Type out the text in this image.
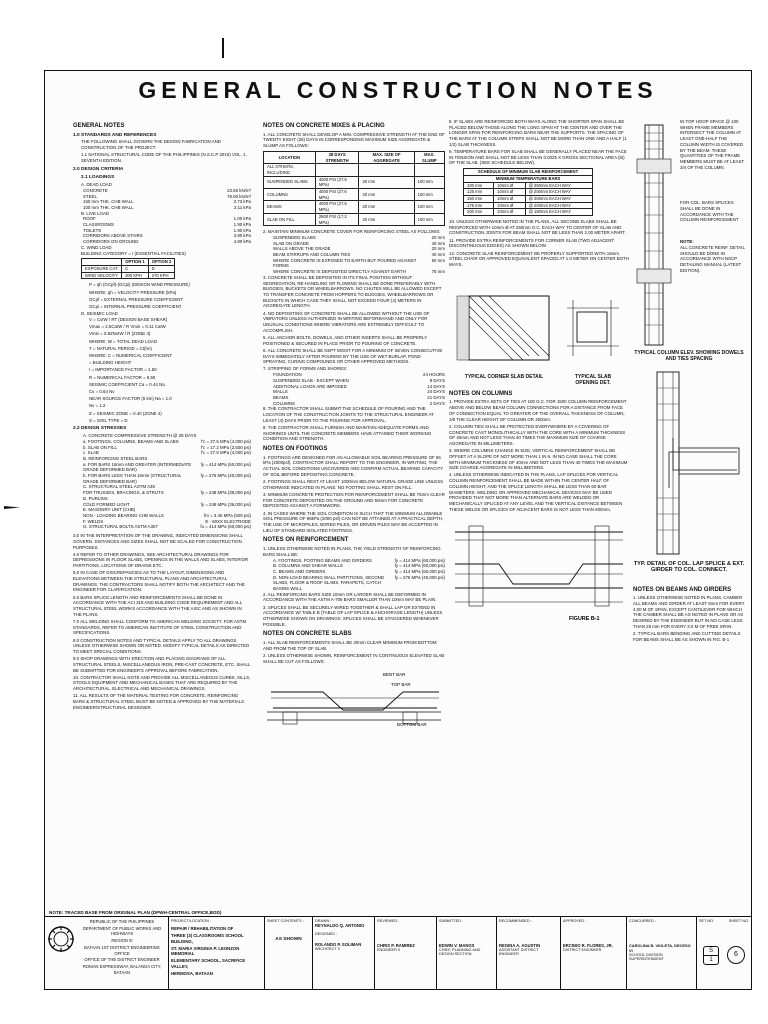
GENERAL CONSTRUCTION NOTES
GENERAL NOTES
1.0 STANDARDS AND REFERENCES
THE FOLLOWING SHALL GOVERN THE DESIGN FABRICATION AND CONSTRUCTION OF THE PROJECT:
1.1 NATIONAL STRUCTURAL CODE OF THE PHILIPPINES (N.S.C.P 2015) VOL. 1, SEVENTH EDITION.
2.0 DESIGN CRITERIA
2.1 LOADINGS
A. DEAD LOAD
CONCRETE	23.56 kN/m³
STEEL	78.00 kN/m³
150 mm THK. CHB WALL	2.73 kPa
100 mm THK. CHB WALL	2.11 kPa
B. LIVE LOAD
ROOF	1.00 kPa
CLASSROOMS	1.90 kPa
TOILETS	1.90 kPa
CORRIDORS ABOVE STAIRS	3.80 kPa
CORRIDORS ON GROUND	4.80 kPa
C. WIND LOAD
BUILDING CATEGORY = I (ESSENTIAL FACILITIES)
	OPTION 1	OPTION 2
EXPOSURE CAT.	C	D
WIND VELOCITY	200 KPH	270 KPH
P = qh (GCpf)-(GCpi) (DESIGN WIND PRESSURE)
WHERE: qh = VELOCITY PRESSURE (kPa)
GCpf = EXTERNAL PRESSURE COEFFICIENT
GCpi = INTERNAL PRESSURE COEFFICIENT
D. SEISMIC LOAD
V = CvIW / RT (DESIGN BASE SHEAR)
Vmax = 2.5CaIW / R Vmin = 0.11 CaIW
Vmin = 0.8ZNvIW / R (ZONE 4)
WHERE: W = TOTAL DEAD LOAD
T = NATURAL PERIOD = Ct(hn)
WHERE: C = NUMERICAL COEFFICIENT
= BUILDING HEIGHT
I = IMPORTANCE FACTOR = 1.50
R = NUMERICAL FACTOR = 8.50
SEISMIC COEFFICIENT Ca = 0.44 Na
Cv = 0.64 Nv
NEAR SOURCE FACTOR (5 km) Na = 1.0
Nv = 1.2
Z = SEISMIC ZONE = 0.40 (ZONE 4)
S = SOIL TYPE = D
2.2 DESIGN STRESSES
A. CONCRETE COMPRESSIVE STRENGTH @ 28 DAYS
a. FOOTINGS, COLUMNS, BEAMS AND SLABS	f'c = 27.6 MPa (4,000 psi)
b. SLAB ON FILL	f'c = 17.2 MPa (2,500 psi)
c. SLAB	f'c = 27.6 MPa (4,000 psi)
B. REINFORCING STEEL BARS
a. FOR BARS 16mm AND GREATER (INTERMEDIATE GRADE DEFORMED BAR)
fy = 414 MPa (60,000 psi)
b. FOR BARS LESS THAN 16mm (STRUCTURAL GRADE DEFORMED BAR)
fy = 276 MPa (40,000 psi)
C. STRUCTURAL STEEL ASTM A36
FOR TRUSSES, BRACINGS, & STRUTS	fy = 248 MPa (36,000 psi)
D. PURLINS
COLD FORMED LIGHT	fy = 248 MPa (36,000 psi)
E. MASONRY UNIT (CHB)
NON - LOADING BEARING CHB WALLS	fm = 3.45 MPa (500 psi)
F. WELDS	E - 60XX ELECTRODE
G. STRUCTURAL BOLTS ASTM A307	fu = 414 MPa (60,000 psi)
3.0 IN THE INTERPRETATION OF THE DRAWING, INDICATED DIMENSIONS SHALL GOVERN. DISTANCES AND SIZES SHALL NOT BE SCALED FOR CONSTRUCTION PURPOSES.
4.0 REFER TO OTHER DRAWINGS, SEE ARCHITECTURAL DRAWINGS FOR DEPRESSIONS IN FLOOR SLABS, OPENINGS IN THE WALLS AND SLABS, INTERIOR PARTITIONS, LOCATIONS OF DRAINS ETC.
5.0 IN CASE OF DISCREPANCIES AS TO THE LAYOUT, DIMENSIONS AND ELEVATIONS BETWEEN THE STRUCTURAL PLANS AND ARCHITECTURAL DRAWINGS, THE CONTRACTORS SHALL NOTIFY BOTH THE ARCHITECT AND THE ENGINEER FOR CLARIFICATION.
6.0 BARS SPLICE LENGTH AND REINFORCEMENTS SHALL BE DONE IN ACCORDANCE WITH THE ACI 318 AND BUILDING CODE REQUIREMENT AND ALL STRUCTURAL STEEL WORKS ACCORDANCE WITH THE AISC AND AS SHOWN IN THE PLANS.
7.0 ALL WELDING SHALL CONFORM TO AMERICAN WELDING SOCIETY. FOR ASTM STANDARDS, REFER TO AMERICAN INSTITUTE OF STEEL CONSTRUCTION AND SPECIFICATIONS.
8.0 CONSTRUCTION NOTES AND TYPICAL DETAILS APPLY TO ALL DRAWINGS UNLESS OTHERWISE SHOWN OR NOTED. MODIFY TYPICAL DETAILS AS DIRECTED TO MEET SPECIAL CONDITIONS.
9.0 SHOP DRAWINGS WITH ERECTION AND PLACING DIAGRAMS OF ALL STRUCTURAL STEELS, MISCELLANEOUS IRON, PRE-CAST CONCRETE, ETC. SHALL BE SUBMITTED FOR ENGINEER'S APPROVAL BEFORE FABRICATION.
10. CONTRACTOR SHALL NOTE AND PROVIDE ALL MISCELLANEOUS CURBS, SILLS, STOOLS EQUIPMENT AND MECHANICAL BASES THAT ARE REQUIRED BY THE ARCHITECTURAL, ELECTRICAL AND MECHANICAL DRAWINGS.
11. ALL RESULTS OF THE MATERIAL TESTING FOR CONCRETE, REINFORCING BARS & STRUCTURAL STEEL MUST BE NOTED & APPROVED BY THE MATERIALS ENGINEER/STRUCTURAL DESIGNER.
NOTES ON CONCRETE MIXES & PLACING
1. ALL CONCRETE SHALL DEVELOP A MIN. COMPRESSIVE STRENGTH AT THE END OF TWENTY EIGHT (28) DAYS IN CORRESPONDING MAXIMUM SIZE AGGREGATE & SLUMP AS FOLLOWS:
LOCATION	28 DAYS STRENGTH	MAX. SIZE OF AGGREGATE	MAX. SLUMP
ALL OTHERS, INCLUDING			
SUSPENDED SLABS	4000 PSI (27.6 MPa)	20 mm	100 mm
COLUMNS	4000 PSI (27.6 MPa)	20 mm	100 mm
BEAMS	4000 PSI (27.6 MPa)	20 mm	100 mm
SLAB ON FILL	2500 PSI (17.2 MPa)	20 mm	100 mm
2. MAINTAIN MINIMUM CONCRETE COVER FOR REINFORCING STEEL AS FOLLOWS:
SUSPENDED SLABS	20 mm
SLAB ON GRADE	40 mm
WALLS ABOVE THE GRADE	20 mm
BEAM STIRRUPS AND COLUMN TIES	40 mm
WHERE CONCRETE IS EXPOSED TO EARTH BUT POURED AGAINST FORMS
50 mm
WHERE CONCRETE IS DEPOSITED DIRECTLY AGAINST EARTH	75 mm
3. CONCRETE SHALL BE DEPOSITED IN ITS FINAL POSITION WITHOUT SEGREGATION, RE-HANDLING OR FLOWING SHALL BE DONE PREFERABLY WITH BUGGIES, BUCKETS OR WHEELBARROWS. NO CHUTES WILL BE ALLOWED EXCEPT TO TRANSFER CONCRETE FROM HOPPERS TO BUGGIES, WHEELBARROWS OR BUCKETS IN WHICH CASE THEY SHALL NOT EXCEED FOUR (4) METERS IN AGGREGATE LENGTH.
4. NO DEPOSITING OF CONCRETE SHALL BE ALLOWED WITHOUT THE USE OF VIBRATORS UNLESS AUTHORIZED IN WRITING BEFOREHAND AND ONLY FOR UNUSUAL CONDITIONS WHERE VIBRATORS ARE EXTREMELY DIFFICULT TO ACCOMPLISH.
5. ALL ANCHOR BOLTS, DOWELS, AND OTHER INSERTS SHALL BE PROPERLY POSITIONED & SECURED IN PLACE PRIOR TO POURING OF CONCRETE.
6. ALL CONCRETE SHALL BE KEPT MOIST FOR A MINIMUM OF SEVEN CONSECUTIVE DAYS IMMEDIATELY AFTER POURING BY THE USE OF WET BURLAP, POND SPRAYING, CURING COMPOUNDS OR OTHER APPROVED METHODS.
7. STRIPPING OF FORMS AND SHORES:
FOUNDATION	24 HOURS
SUSPENDED SLAB - EXCEPT WHEN	8 DAYS
ADDITIONAL LOADS ARE IMPOSED	14 DAYS
WALLS	24 DAYS
BEAMS	21 DAYS
COLUMNS	2 DAYS
8. THE CONTRACTOR SHALL SUBMIT THE SCHEDULE OF POURING AND THE LOCATION OF THE CONSTRUCTION JOINTS TO THE STRUCTURAL ENGINEER AT LEAST (4) DAYS PRIOR TO THE POURING FOR APPROVAL.
9. THE CONTRACTOR SHALL FURNISH AND MAINTAIN ADEQUATE FORMS AND SHORINGS UNTIL THE CONCRETE MEMBERS HAVE ATTAINED THEIR WORKING CONDITION AND STRENGTH.
NOTES ON FOOTINGS
1. FOOTINGS ARE DESIGNED FOR AN ALLOWABLE SOIL BEARING PRESSURE OF 96 kPa (2000psf). CONTRACTOR SHALL REPORT TO THE ENGINEER, IN WRITING, THE ACTUAL SOIL CONDITIONS UNCOVERED AND CONFIRM ACTUAL BEARING CAPACITY OF SOIL BEFORE DEPOSITING CONCRETE.
2. FOOTINGS SHALL REST AT LEAST 1000mm BELOW NATURAL GRADE LINE UNLESS OTHERWISE INDICATED IN PLANS. NO FOOTING SHALL REST ON FILL.
3. MINIMUM CONCRETE PROTECTION FOR REINFORCEMENT SHALL BE 75mm CLEAR FOR CONCRETE DEPOSITED ON THE GROUND AND 50mm FOR CONCRETE DEPOSITED AGAINST A FORMWORK.
4. IN CASES WHERE THE SOIL CONDITION IS SUCH THAT THE MINIMUM ALLOWABLE SOIL PRESSURE OF 96kPa (2000 psf) CAN NOT BE ATTAINED AT A PRACTICAL DEPTH, THE USE OF MICROPILES, BORED PILES, OR DRIVEN PILES MAY BE ACCEPTED IN LIEU OF STANDARD ISOLATED FOOTINGS.
NOTES ON REINFORCEMENT
1. UNLESS OTHERWISE NOTED IN PLANS, THE YIELD STRENGTH OF REINFORCING BARS SHALL BE:
A. FOOTINGS, FOOTING BEAMS AND GIRDERS	fy = 414 MPa (60,000 psi)
B. COLUMNS AND SHEAR WALLS	fy = 414 MPa (60,000 psi)
C. BEAMS AND GIRDERS	fy = 414 MPa (60,000 psi)
D. NON-LOAD BEARING WALL PARTITIONS, SECOND SLABS, FLOOR & ROOF SLABS, PARAPETS, CATCH BASINS WALL
fy = 276 MPa (40,000 psi)
2. ALL REINFORCING BARS SIZE 10mm OR LARGER SHALL BE DEFORMED IN ACCORDANCE WITH THE ASTM A-706 BARS SMALLER THAN 10mm MAY BE PLAIN.
3. SPLICES SHALL BE SECURELY WIRED TOGETHER & SHALL LAP OR EXTEND IN ACCORDANCE W/ TABLE B (TABLE OF LAP SPLICE & ANCHORAGE LENGTH) UNLESS OTHERWISE SHOWN ON DRAWINGS. SPLICES SHALL BE STAGGERED WHENEVER POSSIBLE.
NOTES ON CONCRETE SLABS
1. ALL SLAB REINFORCEMENTS SHALL BE 20mm CLEAR MINIMUM FROM BOTTOM AND FROM THE TOP OF SLAB.
2. UNLESS OTHERWISE SHOWN, REINFORCEMENT IN CONTINUOUS ELEVATED SLAB SHALL BE CUT AS FOLLOWS:
BENT BAR
TOP BAR
BOTTOM BAR
8. IF SLABS ARE REINFORCED BOTH WAYS ALONG THE SHORTER SPAN SHALL BE PLACED BELOW THOSE ALONG THE LONG SPAN AT THE CENTER AND OVER THE LONGER SPAN FOR REINFORCING BARS NEAR THE SUPPORTS. THE SPACING OF THE BARS AT THE COLUMN STRIPS SHALL NOT BE MORE THAN ONE AND A HALF (1 1/2) SLAB THICKNESS.
9. TEMPERATURE BARS FOR SLAB SHALL BE GENERALLY PLACED NEAR THE FACE IN TENSION AND SHALL NOT BE LESS THAN 0.0025 X GROSS SECTIONAL AREA (bt) OF THE SLAB. (SEE SCHEDULE BELOW).
SCHEDULE OF MINIMUM SLAB REINFORCEMENT		
MINIMUM TEMPERATURE BARS		
100 mm	10mm Ø	@ 250mm EACH WAY
125 mm	10mm Ø	@ 200mm EACH WAY
150 mm	10mm Ø	@ 200mm EACH WAY
175 mm	10mm Ø	@ 200mm EACH WAY
200 mm	10mm Ø	@ 150mm EACH WAY
10. UNLESS OTHERWISE NOTED IN THE PLANS, ALL SECOND SLABS SHALL BE REINFORCED WITH 10mm Ø AT 250mm O.C. EACH WAY TO CENTER OF SLAB AND CONSTRUCTION JOINTS FOR BEAM SHALL NOT BE LESS THAN 2.00 METER APART.
11. PROVIDE EXTRA REINFORCEMENTS FOR CORNER SLAB (TWO ADJACENT DISCONTINUOUS EDGES) AS SHOWN BELOW.
12. CONCRETE SLAB REINFORCEMENT BE PROPERLY SUPPORTED WITH 16mm STEEL CHAIR OR APPROVED EQUIVALENT SPACED AT 1.0 METER ON CENTER BOTH WAYS.
TYPICAL CORNER SLAB DETAIL	TYPICAL SLAB OPENING DET.
NOTES ON COLUMNS
1. PROVIDE EXTRA SETS OF TIES AT 100 O.C. FOR 1500 COLUMN REINFORCEMENT ABOVE AND BELOW BEAM COLUMN CONNECTIONS FOR A DISTANCE FROM FACE OF CONNECTION EQUAL TO GREATER OF THE OVERALL THICKNESS OF COLUMN, 1/6 THE CLEAR HEIGHT OF COLUMN OR 450mm.
2. COLUMN TIES SHALL BE PROTECTED EVERYWHERE BY A COVERING OF CONCRETE CAST MONOLITHICALLY WITH THE CORE WITH A MINIMUM THICKNESS OF 40mm AND NOT LESS THAN 40 TIMES THE MAXIMUM SIZE OF COARSE AGGREGATE IN MILLIMETERS.
3. WHERE COLUMNS CHANGE IN SIZE, VERTICAL REINFORCEMENT SHALL BE OFFSET AT A SLOPE OF NOT MORE THAN 1 IN 6. IN NO CASE SHALL THE CORE WITH MINIMUM THICKNESS OF 40mm AND NOT LESS THAN 40 TIMES THE MAXIMUM SIZE COARSE AGGREGATE IN MILLIMETERS.
4. UNLESS OTHERWISE INDICATED IN THE PLANS, LAP SPLICES FOR VERTICAL COLUMN REINFORCEMENT SHALL BE MADE WITHIN THE CENTER HALF OF COLUMN HEIGHT, AND THE SPLICE LENGTH SHALL BE LESS THAN 60 BAR DIAMETERS. WELDING OR APPROVED MECHANICAL DEVICES MAY BE USED PROVIDED THAT NOT MORE THAN ALTERNATE BARS ARE WELDED OR MECHANICALLY SPLICED AT ANY LEVEL AND THE VERTICAL DISTANCE BETWEEN THESE WELDS OR SPLICES OF ADJACENT BARS IS NOT LESS THAN 600mm.
FIGURE B-1
IN TOP HOOP SPACE @ 100 WHEN FRAME MEMBERS INTERSECT THE COLUMN AT LEAST ONE-HALF THE COLUMN WIDTH IS COVERED BY THE BEAM. THESE QUANTITIES OF THE FRAME MEMBERS MUST BE AT LEAST 3/4 OF THE COLUMN.
FOR COL. BARS SPLICES SHALL BE DONE IN ACCORDANCE WITH THE COLUMN REINFORCEMENT
NOTE:
ALL CONCRETE REINF. DETAIL SHOULD BE DONE IN ACCORDANCE WITH NSCP DETAILING MANUAL (LATEST EDITION).
TYPICAL COLUMN ELEV. SHOWING DOWELS AND TIES SPACING
TYP. DETAIL OF COL. LAP SPLICE & EXT. GIRDER TO COL. CONNECT.
NOTES ON BEAMS AND GIRDERS
1. UNLESS OTHERWISE NOTED IN PLANS, CAMBER ALL BEAMS AND GIRDER AT LEAST 6mm FOR EVERY 4.00 M OF SPAN, EXCEPT CANTILEVER FOR WHICH THE CAMBER SHALL BE AS NOTED IN PLANS OR AS DESIRED BY THE ENGINEER BUT IN NO CASE LESS THAN 25 mm FOR EVERY 3.0 M OF FREE SPAN.
2. TYPICAL BARS BENDING AND CUTTING DETAILS FOR BEAMS SHALL BE AS SHOWN IN FIG. B-1
NOTE: TRACED BASE FROM ORIGINAL PLAN (DPWH-CENTRAL OFFICE,BOD)
REPUBLIC OF THE PHILIPPINES
DEPARTMENT OF PUBLIC WORKS AND HIGHWAYS
REGION III
BATAAN 1ST DISTRICT ENGINEERING OFFICE
OFFICE OF THE DISTRICT ENGINEER
ROMAN EXPRESSWAY, BALANGA CITY, BATAAN
PROJECT/LOCATION :
REPAIR / REHABILITATION OF
THREE (3) CLASSROOMS SCHOOL BUILDING,
ST. MARIA VIRGINIA P. LEONZON MEMORIAL
ELEMENTARY SCHOOL, SACRIFICE VALLEY,
HERMOSA, BATAAN
SHEET CONTENTS :
AS SHOWN
DRAWN :
REYNALDO Q. ANTONIO
DESIGNED :
ROLANDO P. SOLIMAN
ARCHITECT II
REVIEWED :
CHRIS P. RAMIREZ
ENGINEER II
SUBMITTED :
EDWIN V. MANOS
CHIEF, PLANNING AND DESIGN SECTION
RECOMMENDED :
REGINA A. AGUSTIN
ASSISTANT DISTRICT ENGINEER
APPROVED :
ERCINIO R. FLORES, JR.
DISTRICT ENGINEER
CONCURRED :
CAROLINA B. VIOLETA, DECESO VI
SCHOOL DIVISION SUPERINTENDENT
SET NO.	SHEET NO.
S
1
6
